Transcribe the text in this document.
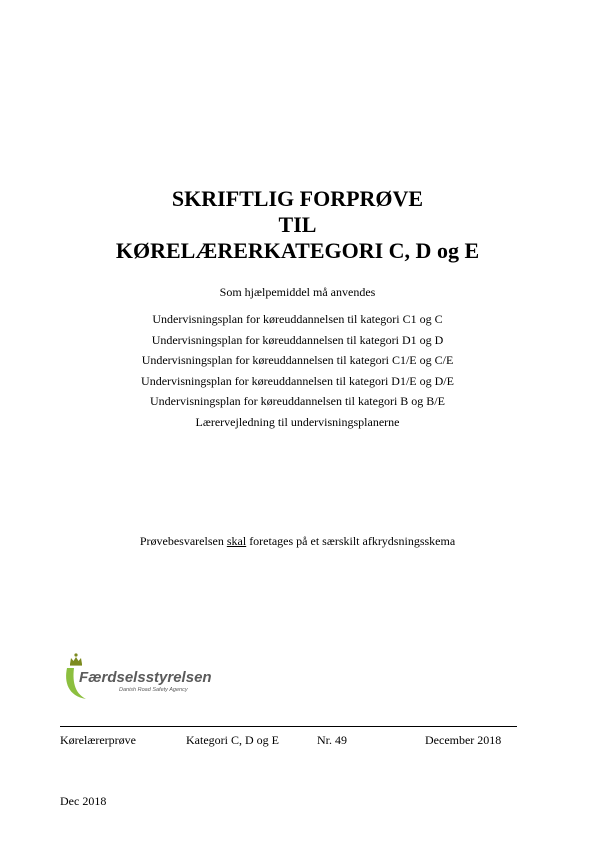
SKRIFTLIG FORPRØVE

TIL

KØRELÆRERKATEGORI C, D og E

Som hjælpemiddel må anvendes
Undervisningsplan for køreuddannelsen til kategori C1 og C
Undervisningsplan for køreuddannelsen til kategori D1 og D
Undervisningsplan for køreuddannelsen til kategori C1/E og C/E
Undervisningsplan for køreuddannelsen til kategori D1/E og D/E
Undervisningsplan for køreuddannelsen til kategori B og B/E
Lærervejledning til undervisningsplanerne
Prøvebesvarelsen skal foretages på et særskilt afkrydsningsskema
Færdselsstyrelsen
Danish Road Safety Agency
Kørelærerprøve	Kategori C, D og E	Nr. 49	December 2018
Dec 2018
